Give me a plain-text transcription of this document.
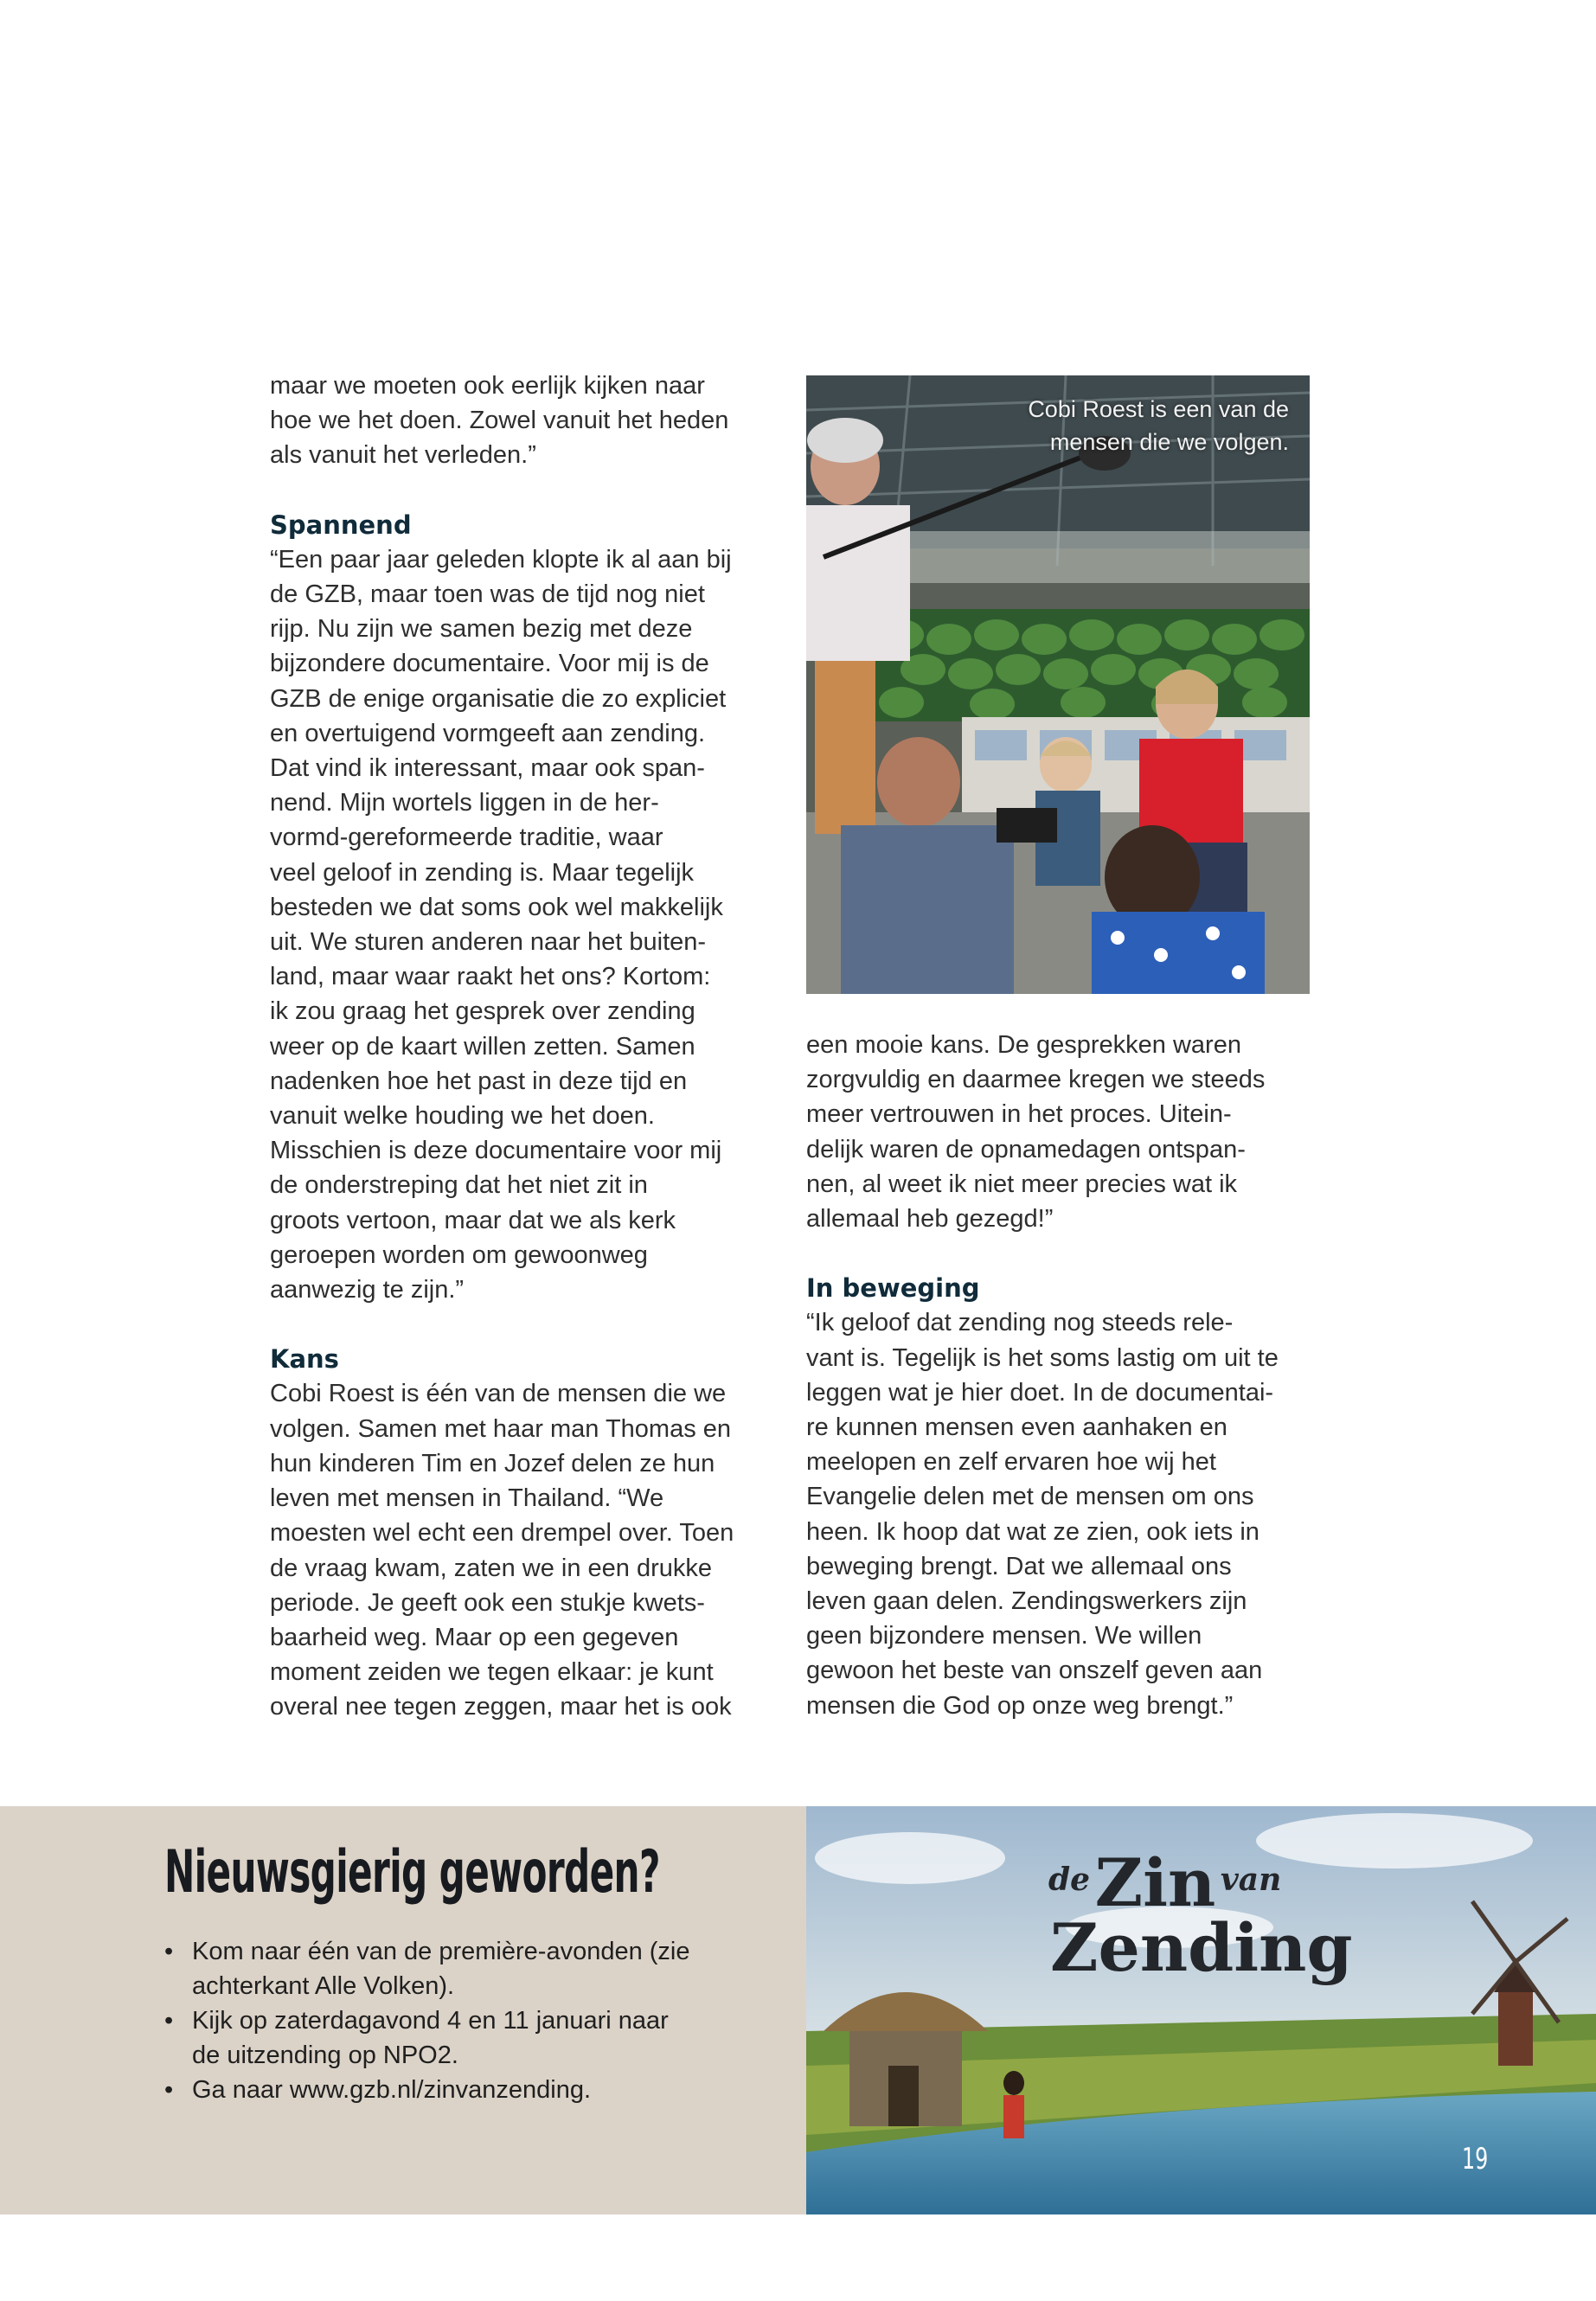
maar we moeten ook eerlijk kijken naar
hoe we het doen. Zowel vanuit het heden
als vanuit het verleden.”

Spannend

“Een paar jaar geleden klopte ik al aan bij
de GZB, maar toen was de tijd nog niet
rijp. Nu zijn we samen bezig met deze
bijzondere documentaire. Voor mij is de
GZB de enige organisatie die zo expliciet
en overtuigend vormgeeft aan zending.
Dat vind ik interessant, maar ook span-
nend. Mijn wortels liggen in de her-
vormd-gereformeerde traditie, waar
veel geloof in zending is. Maar tegelijk
besteden we dat soms ook wel makkelijk
uit. We sturen anderen naar het buiten-
land, maar waar raakt het ons? Kortom:
ik zou graag het gesprek over zending
weer op de kaart willen zetten. Samen
nadenken hoe het past in deze tijd en
vanuit welke houding we het doen.
Misschien is deze documentaire voor mij
de onderstreping dat het niet zit in
groots vertoon, maar dat we als kerk
geroepen worden om gewoonweg
aanwezig te zijn.”

Kans

Cobi Roest is één van de mensen die we
volgen. Samen met haar man Thomas en
hun kinderen Tim en Jozef delen ze hun
leven met mensen in Thailand. “We
moesten wel echt een drempel over. Toen
de vraag kwam, zaten we in een drukke
periode. Je geeft ook een stukje kwets-
baarheid weg. Maar op een gegeven
moment zeiden we tegen elkaar: je kunt
overal nee tegen zeggen, maar het is ook

Cobi Roest is een van de
mensen die we volgen.

een mooie kans. De gesprekken waren
zorgvuldig en daarmee kregen we steeds
meer vertrouwen in het proces. Uitein-
delijk waren de opnamedagen ontspan-
nen, al weet ik niet meer precies wat ik
allemaal heb gezegd!”

In beweging

“Ik geloof dat zending nog steeds rele-
vant is. Tegelijk is het soms lastig om uit te
leggen wat je hier doet. In de documentai-
re kunnen mensen even aanhaken en
meelopen en zelf ervaren hoe wij het
Evangelie delen met de mensen om ons
heen. Ik hoop dat wat ze zien, ook iets in
beweging brengt. Dat we allemaal ons
leven gaan delen. Zendingswerkers zijn
geen bijzondere mensen. We willen
gewoon het beste van onszelf geven aan
mensen die God op onze weg brengt.”

Nieuwsgierig geworden?
• Kom naar één van de première-avonden (zie
achterkant Alle Volken).
• Kijk op zaterdagavond 4 en 11 januari naar
de uitzending op NPO2.
• Ga naar www.gzb.nl/zinvanzending.
de Zin van
Zending
19
